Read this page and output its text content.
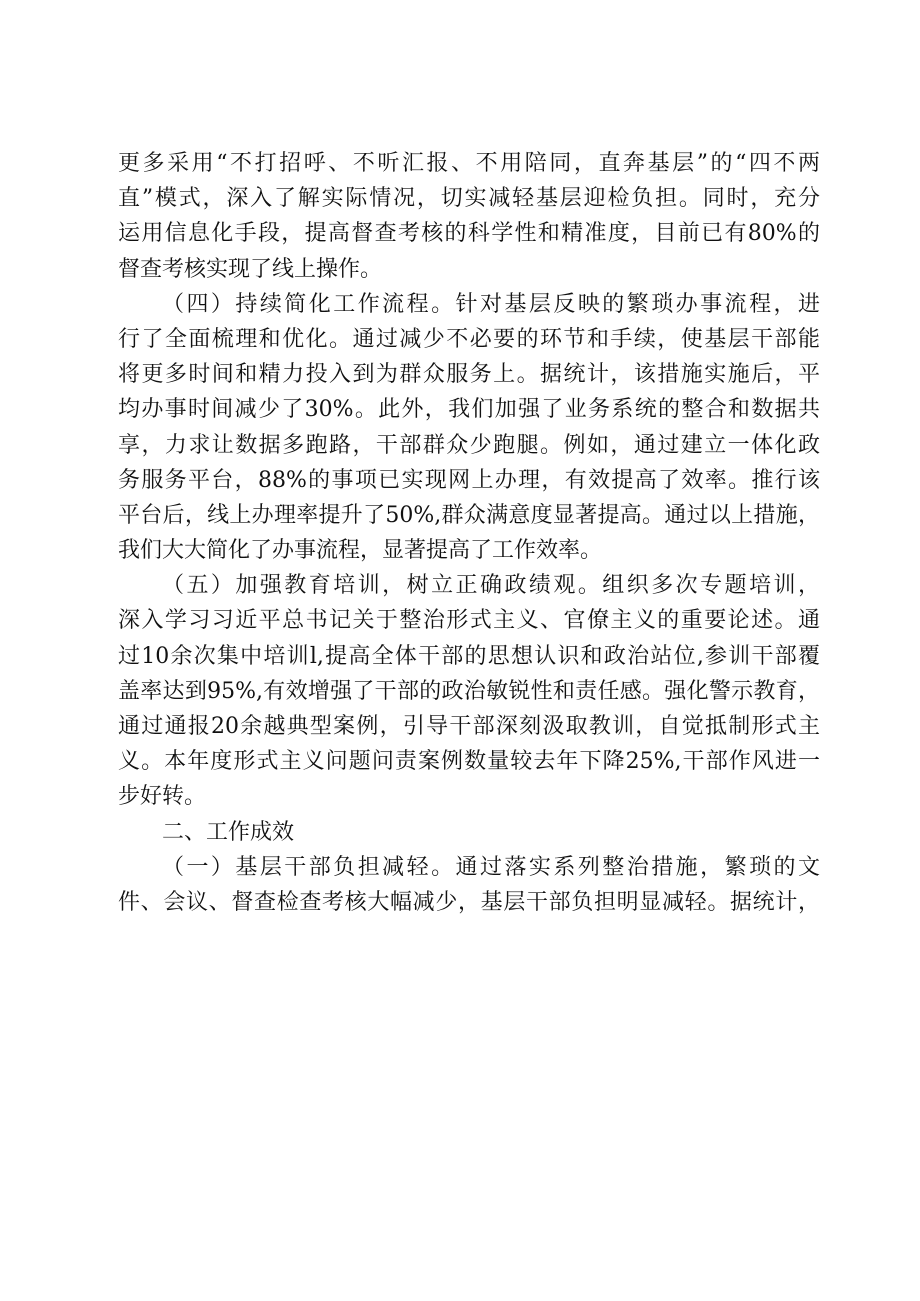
更多采用“不打招呼、不听汇报、不用陪同，直奔基层”的“四不两
直”模式，深入了解实际情况，切实减轻基层迎检负担。同时，充分
运用信息化手段，提高督查考核的科学性和精准度，目前已有80%的
督查考核实现了线上操作。
（四）持续简化工作流程。针对基层反映的繁琐办事流程，进
行了全面梳理和优化。通过减少不必要的环节和手续，使基层干部能
将更多时间和精力投入到为群众服务上。据统计，该措施实施后，平
均办事时间减少了30%。此外，我们加强了业务系统的整合和数据共
享，力求让数据多跑路，干部群众少跑腿。例如，通过建立一体化政
务服务平台，88%的事项已实现网上办理，有效提高了效率。推行该
平台后，线上办理率提升了50%,群众满意度显著提高。通过以上措施，
我们大大简化了办事流程，显著提高了工作效率。
（五）加强教育培训，树立正确政绩观。组织多次专题培训，
深入学习习近平总书记关于整治形式主义、官僚主义的重要论述。通
过10余次集中培训l,提高全体干部的思想认识和政治站位,参训干部覆
盖率达到95%,有效增强了干部的政治敏锐性和责任感。强化警示教育，
通过通报20余越典型案例，引导干部深刻汲取教训，自觉抵制形式主
义。本年度形式主义问题问责案例数量较去年下降25%,干部作风进一
步好转。
二、工作成效
（一）基层干部负担减轻。通过落实系列整治措施，繁琐的文
件、会议、督查检查考核大幅减少，基层干部负担明显减轻。据统计，
